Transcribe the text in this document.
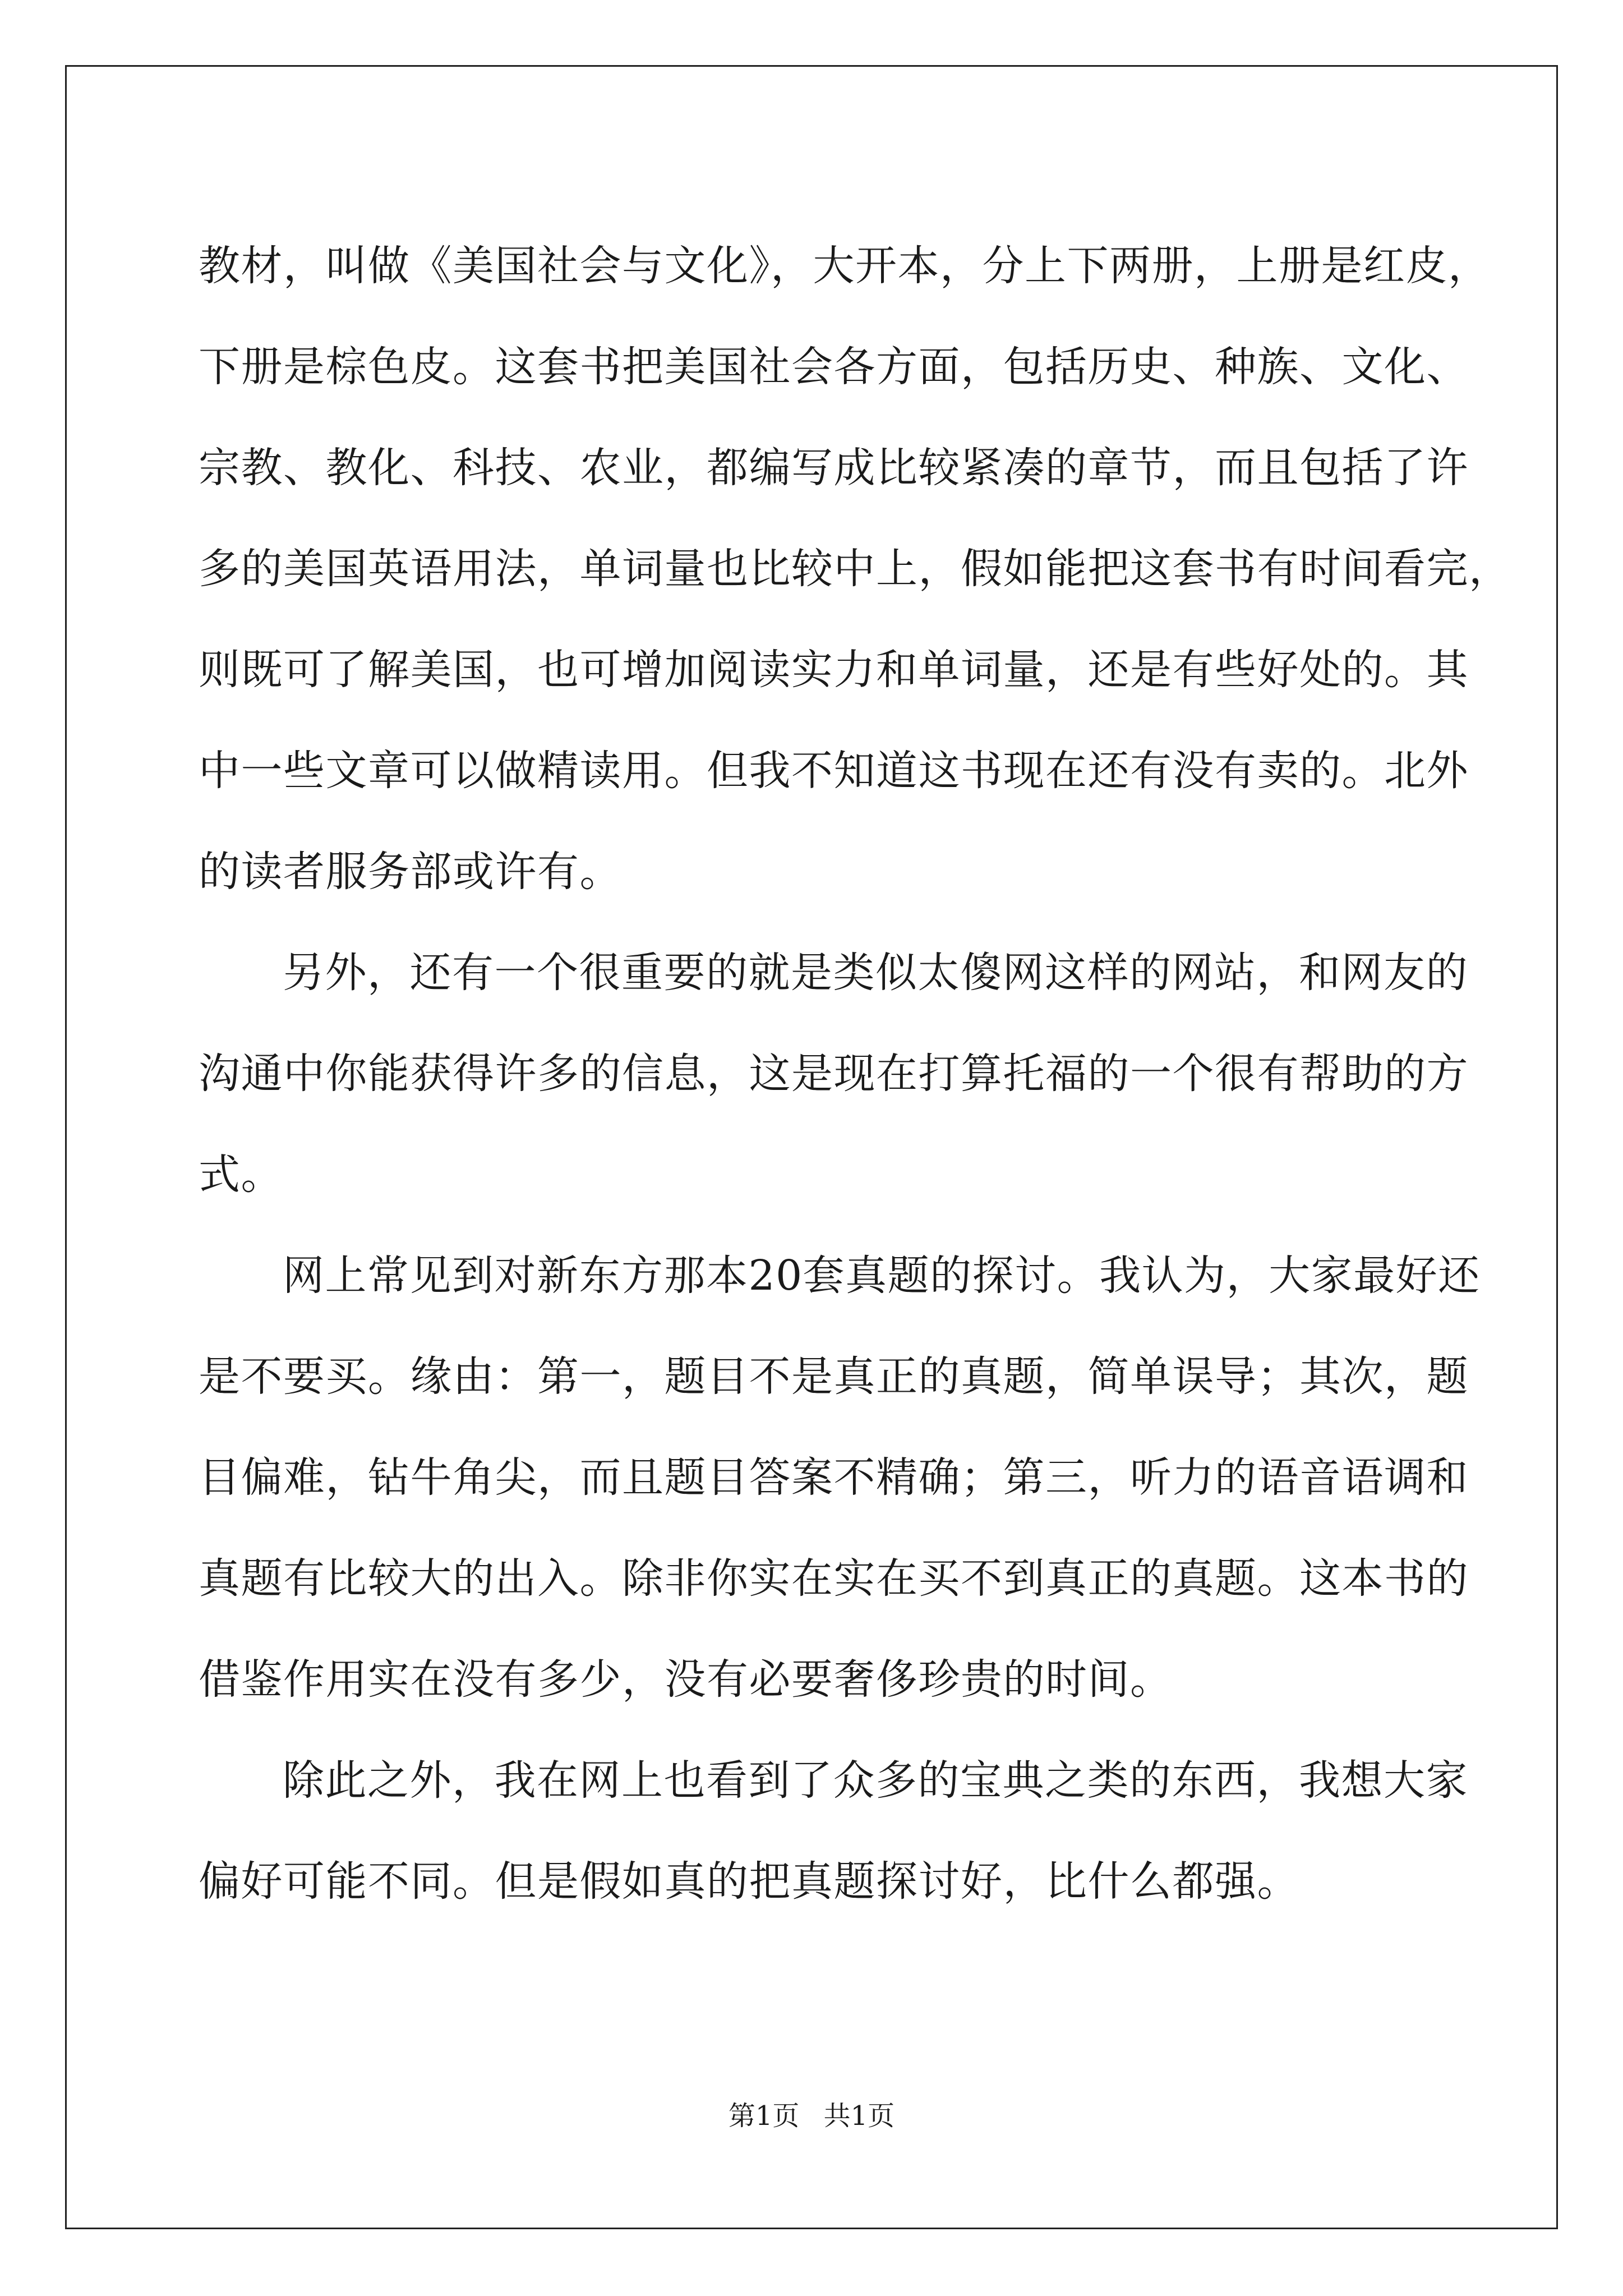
教材，叫做《美国社会与文化》，大开本，分上下两册，上册是红皮，
下册是棕色皮。这套书把美国社会各方面，包括历史、种族、文化、
宗教、教化、科技、农业，都编写成比较紧凑的章节，而且包括了许
多的美国英语用法，单词量也比较中上，假如能把这套书有时间看完，
则既可了解美国，也可增加阅读实力和单词量，还是有些好处的。其
中一些文章可以做精读用。但我不知道这书现在还有没有卖的。北外
的读者服务部或许有。

另外，还有一个很重要的就是类似太傻网这样的网站，和网友的
沟通中你能获得许多的信息，这是现在打算托福的一个很有帮助的方
式。

网上常见到对新东方那本20套真题的探讨。我认为，大家最好还
是不要买。缘由：第一，题目不是真正的真题，简单误导；其次，题
目偏难，钻牛角尖，而且题目答案不精确；第三，听力的语音语调和
真题有比较大的出入。除非你实在实在买不到真正的真题。这本书的
借鉴作用实在没有多少，没有必要奢侈珍贵的时间。

除此之外，我在网上也看到了众多的宝典之类的东西，我想大家
偏好可能不同。但是假如真的把真题探讨好，比什么都强。

第1页 共1页
